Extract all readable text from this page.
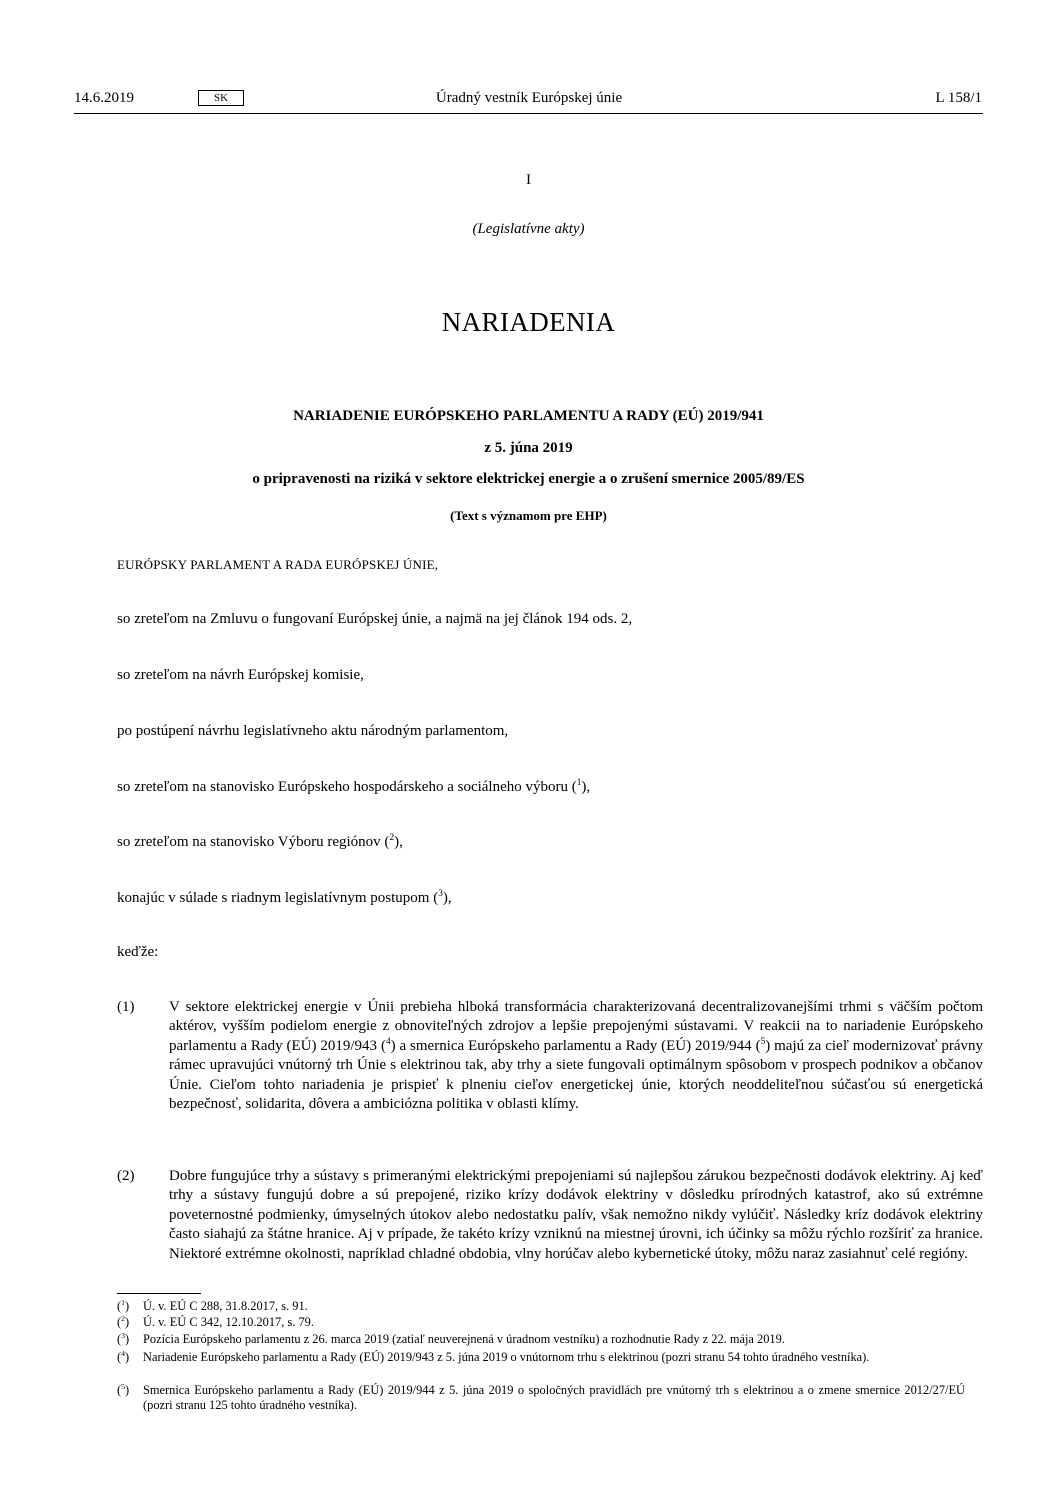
14.6.2019	SK	Úradný vestník Európskej únie	L 158/1
I
(Legislatívne akty)
NARIADENIA
NARIADENIE EURÓPSKEHO PARLAMENTU A RADY (EÚ) 2019/941
z 5. júna 2019
o pripravenosti na riziká v sektore elektrickej energie a o zrušení smernice 2005/89/ES
(Text s významom pre EHP)
EURÓPSKY PARLAMENT A RADA EURÓPSKEJ ÚNIE,
so zreteľom na Zmluvu o fungovaní Európskej únie, a najmä na jej článok 194 ods. 2,
so zreteľom na návrh Európskej komisie,
po postúpení návrhu legislatívneho aktu národným parlamentom,
so zreteľom na stanovisko Európskeho hospodárskeho a sociálneho výboru ($^1$),
so zreteľom na stanovisko Výboru regiónov ($^2$),
konajúc v súlade s riadnym legislatívnym postupom ($^3$),
keďže:
(1)	V sektore elektrickej energie v Únii prebieha hlboká transformácia charakterizovaná decentralizovanejšími trhmi s väčším počtom aktérov, vyšším podielom energie z obnoviteľných zdrojov a lepšie prepojenými sústavami. V reakcii na to nariadenie Európskeho parlamentu a Rady (EÚ) 2019/943 ($^4$) a smernica Európskeho parlamentu a Rady (EÚ) 2019/944 ($^5$) majú za cieľ modernizovať právny rámec upravujúci vnútorný trh Únie s elektrinou tak, aby trhy a siete fungovali optimálnym spôsobom v prospech podnikov a občanov Únie. Cieľom tohto nariadenia je prispieť k plneniu cieľov energetickej únie, ktorých neoddeliteľnou súčasťou sú energetická bezpečnosť, solidarita, dôvera a ambiciózna politika v oblasti klímy.
(2)	Dobre fungujúce trhy a sústavy s primeranými elektrickými prepojeniami sú najlepšou zárukou bezpečnosti dodávok elektriny. Aj keď trhy a sústavy fungujú dobre a sú prepojené, riziko krízy dodávok elektriny v dôsledku prírodných katastrof, ako sú extrémne poveternostné podmienky, úmyselných útokov alebo nedostatku palív, však nemožno nikdy vylúčiť. Následky kríz dodávok elektriny často siahajú za štátne hranice. Aj v prípade, že takéto krízy vzniknú na miestnej úrovni, ich účinky sa môžu rýchlo rozšíriť za hranice. Niektoré extrémne okolnosti, napríklad chladné obdobia, vlny horúčav alebo kybernetické útoky, môžu naraz zasiahnuť celé regióny.
($^1$)	Ú. v. EÚ C 288, 31.8.2017, s. 91.
($^2$)	Ú. v. EÚ C 342, 12.10.2017, s. 79.
($^3$)	Pozícia Európskeho parlamentu z 26. marca 2019 (zatiaľ neuverejnená v úradnom vestníku) a rozhodnutie Rady z 22. mája 2019.
($^4$)	Nariadenie Európskeho parlamentu a Rady (EÚ) 2019/943 z 5. júna 2019 o vnútornom trhu s elektrinou (pozri stranu 54 tohto úradného vestníka).
($^5$)	Smernica Európskeho parlamentu a Rady (EÚ) 2019/944 z 5. júna 2019 o spoločných pravidlách pre vnútorný trh s elektrinou a o zmene smernice 2012/27/EÚ (pozri stranu 125 tohto úradného vestníka).
